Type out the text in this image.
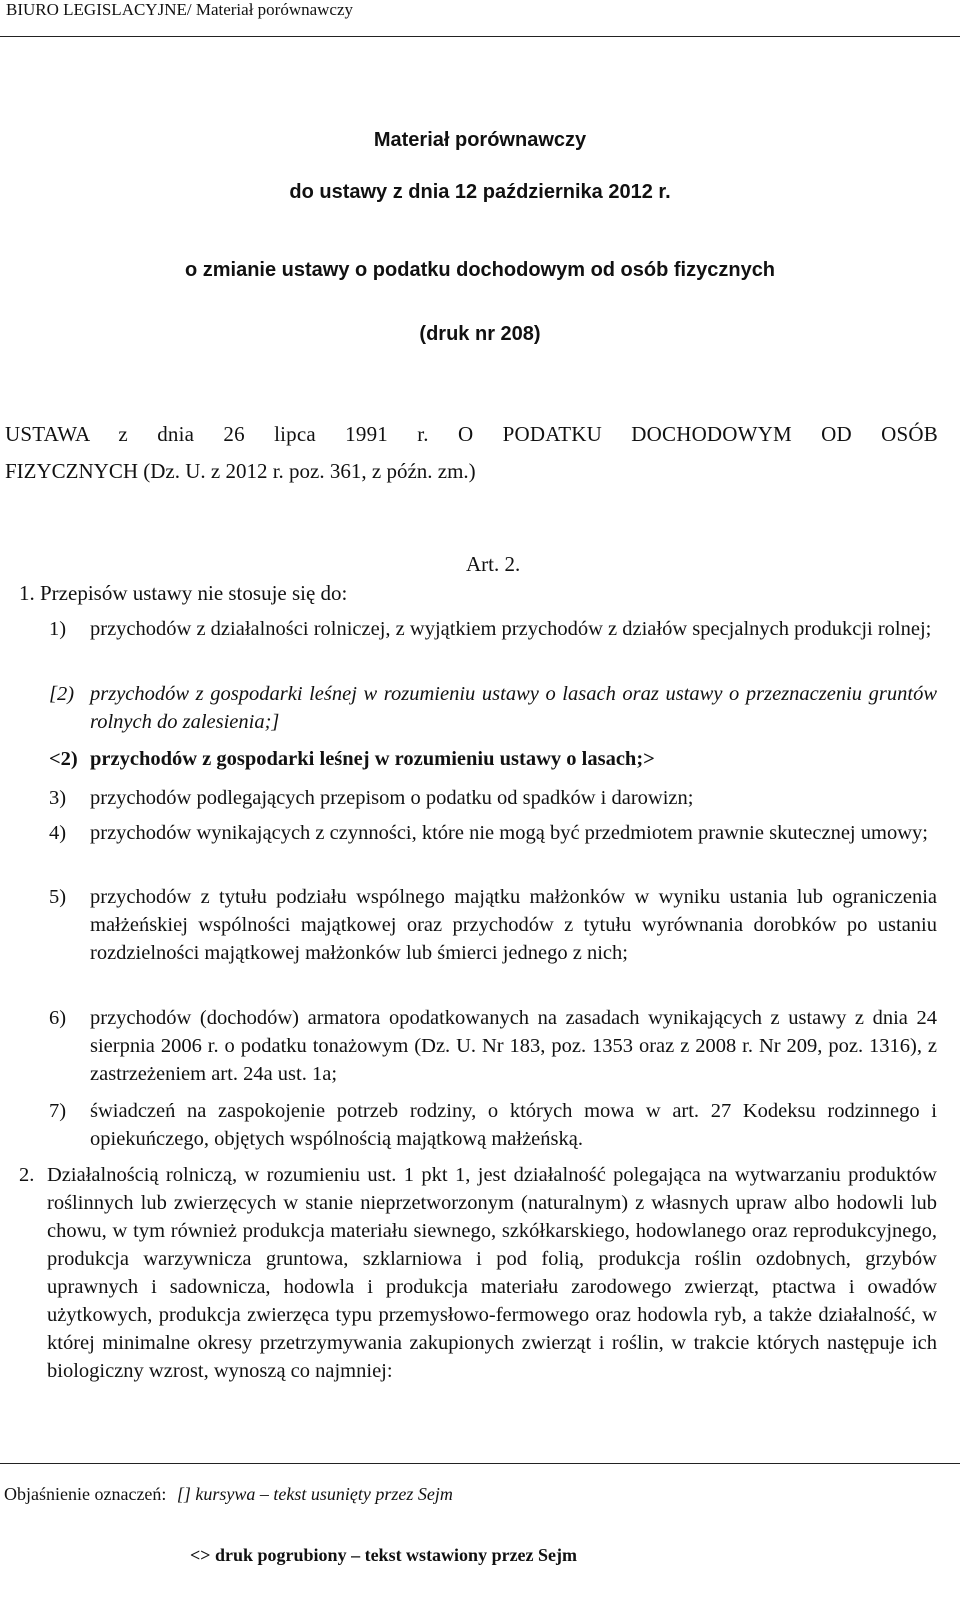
BIURO LEGISLACYJNE/ Materiał porównawczy
Materiał porównawczy
do ustawy z dnia 12 października 2012 r.
o zmianie ustawy o podatku dochodowym od osób fizycznych
(druk nr 208)
USTAWA z dnia 26 lipca 1991 r. O PODATKU DOCHODOWYM OD OSÓB
FIZYCZNYCH (Dz. U. z 2012 r. poz. 361, z późn. zm.)
Art. 2.
1. Przepisów ustawy nie stosuje się do:
1)	przychodów z działalności rolniczej, z wyjątkiem przychodów z działów specjalnych produkcji rolnej;
[2) przychodów z gospodarki leśnej w rozumieniu ustawy o lasach oraz ustawy o przeznaczeniu gruntów rolnych do zalesienia;]
<2) przychodów z gospodarki leśnej w rozumieniu ustawy o lasach;>
3)	przychodów podlegających przepisom o podatku od spadków i darowizn;
4)	przychodów wynikających z czynności, które nie mogą być przedmiotem prawnie skutecznej umowy;
5)	przychodów z tytułu podziału wspólnego majątku małżonków w wyniku ustania lub ograniczenia małżeńskiej wspólności majątkowej oraz przychodów z tytułu wyrównania dorobków po ustaniu rozdzielności majątkowej małżonków lub śmierci jednego z nich;
6)	przychodów (dochodów) armatora opodatkowanych na zasadach wynikających z ustawy z dnia 24 sierpnia 2006 r. o podatku tonażowym (Dz. U. Nr 183, poz. 1353 oraz z 2008 r. Nr 209, poz. 1316), z zastrzeżeniem art. 24a ust. 1a;
7)	świadczeń na zaspokojenie potrzeb rodziny, o których mowa w art. 27 Kodeksu rodzinnego i opiekuńczego, objętych wspólnością majątkową małżeńską.
2. Działalnością rolniczą, w rozumieniu ust. 1 pkt 1, jest działalność polegająca na wytwarzaniu produktów roślinnych lub zwierzęcych w stanie nieprzetworzonym (naturalnym) z własnych upraw albo hodowli lub chowu, w tym również produkcja materiału siewnego, szkółkarskiego, hodowlanego oraz reprodukcyjnego, produkcja warzywnicza gruntowa, szklarniowa i pod folią, produkcja roślin ozdobnych, grzybów uprawnych i sadownicza, hodowla i produkcja materiału zarodowego zwierząt, ptactwa i owadów użytkowych, produkcja zwierzęca typu przemysłowo-fermowego oraz hodowla ryb, a także działalność, w której minimalne okresy przetrzymywania zakupionych zwierząt i roślin, w trakcie których następuje ich biologiczny wzrost, wynoszą co najmniej:
Objaśnienie oznaczeń: [] kursywa – tekst usunięty przez Sejm
<> druk pogrubiony – tekst wstawiony przez Sejm
